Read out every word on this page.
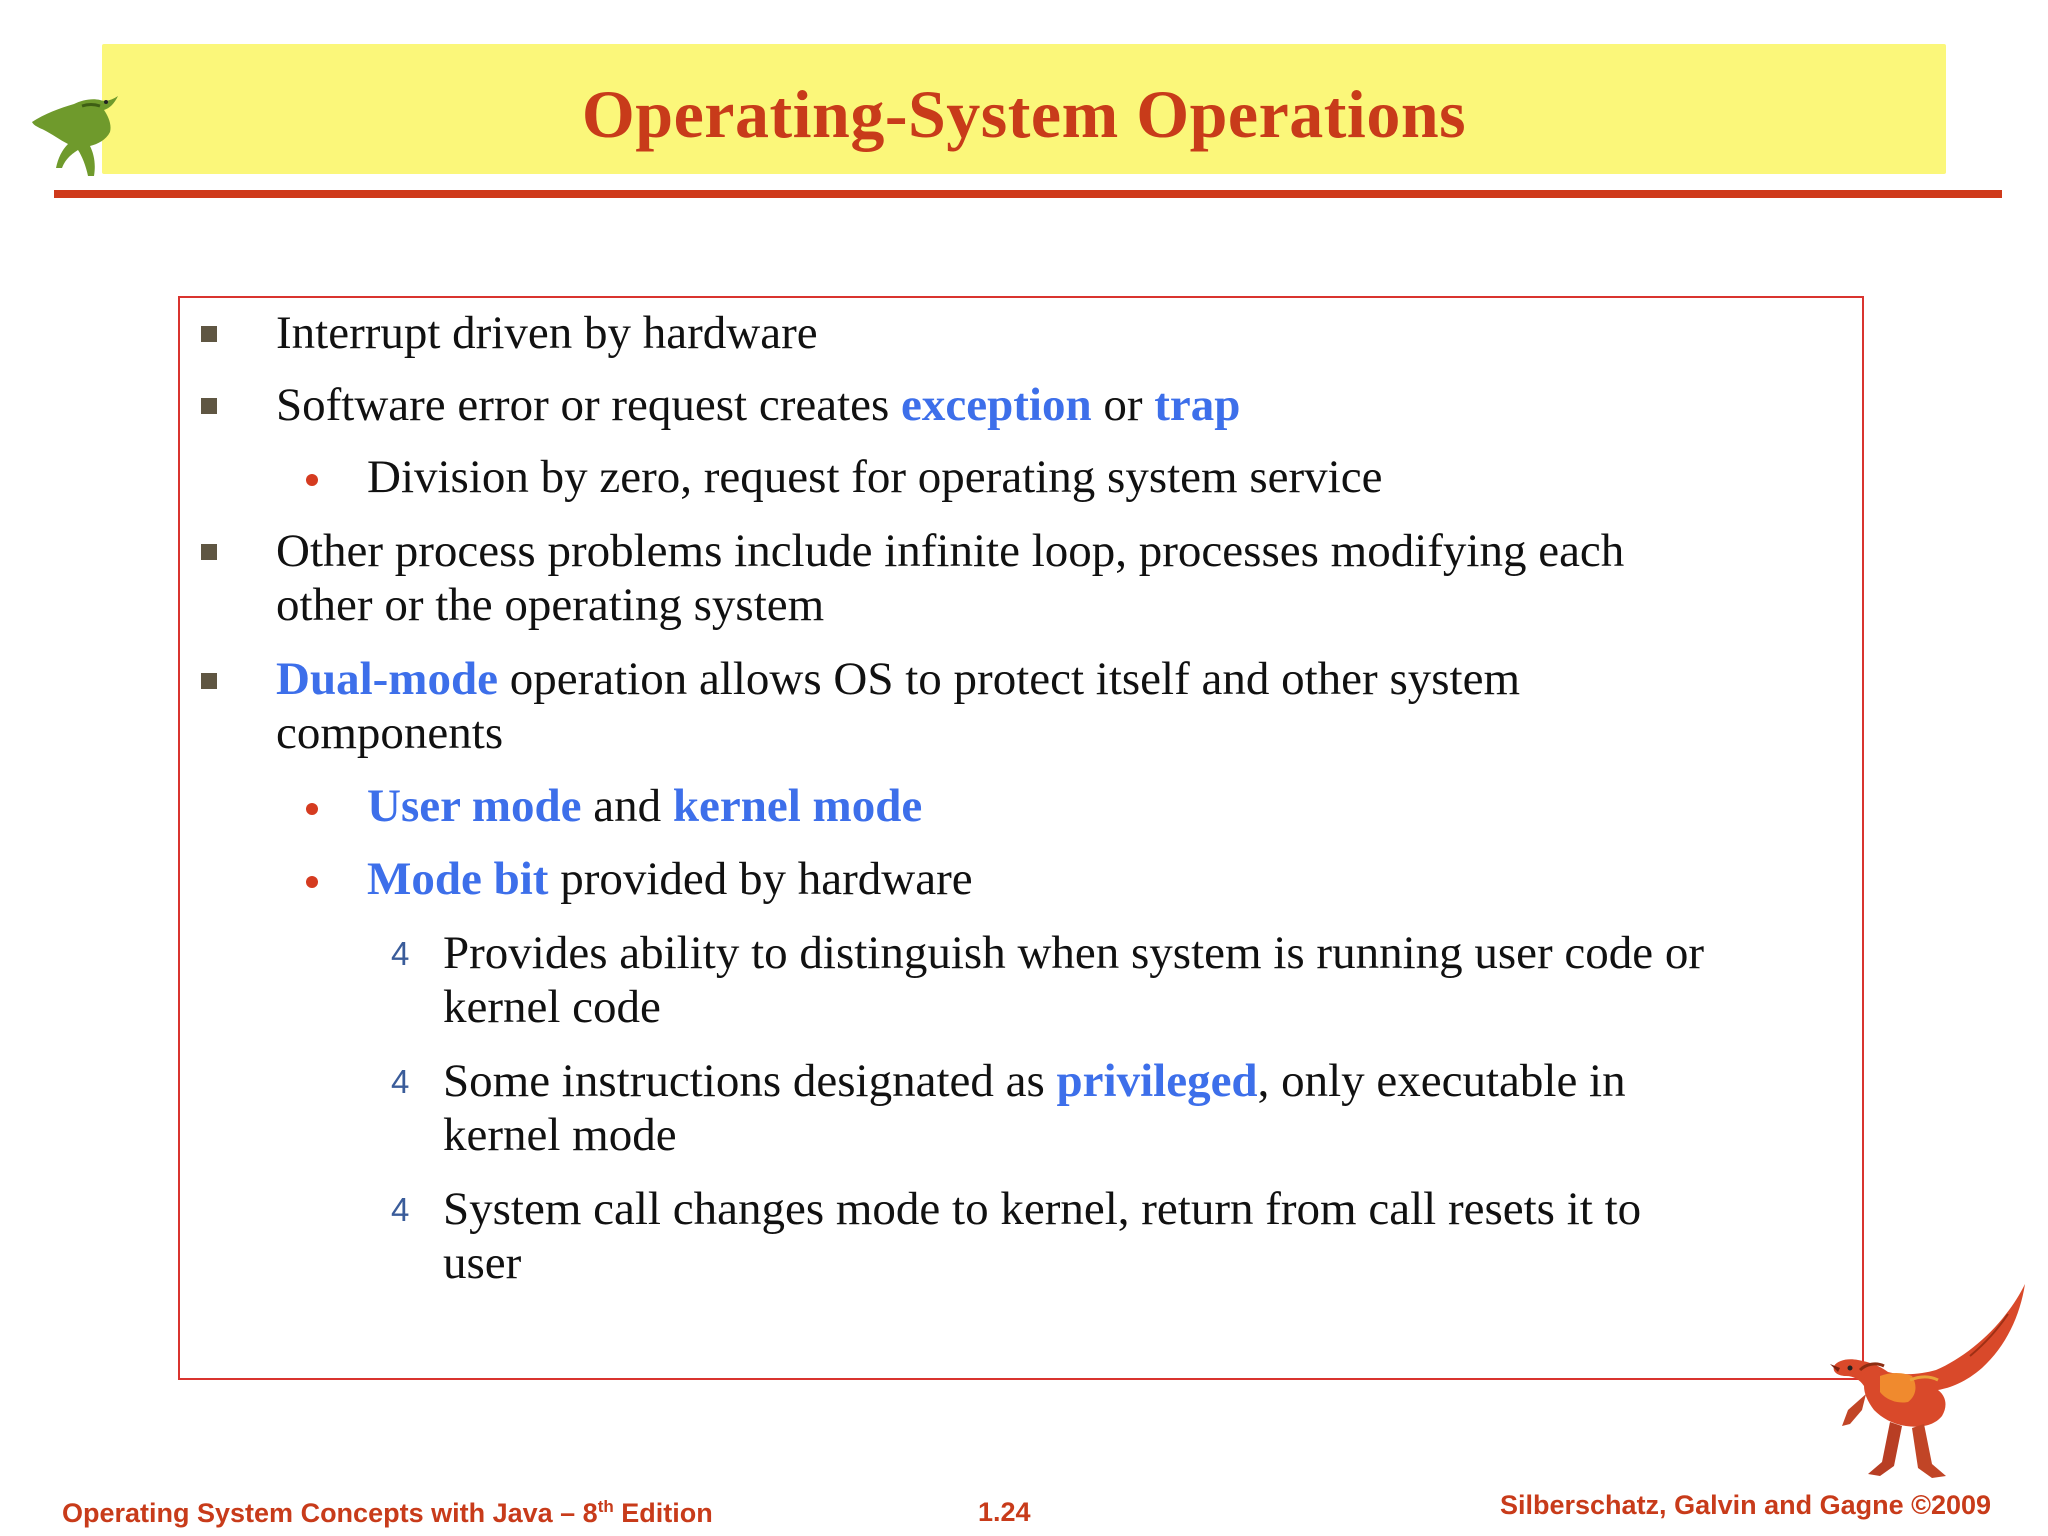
Operating-System Operations
Interrupt driven by hardware
Software error or request creates exception or trap
Division by zero, request for operating system service
Other process problems include infinite loop, processes modifying each
other or the operating system
Dual-mode operation allows OS to protect itself and other system
components
User mode and kernel mode
Mode bit provided by hardware
4 Provides ability to distinguish when system is running user code or
kernel code
4 Some instructions designated as privileged, only executable in
kernel mode
4 System call changes mode to kernel, return from call resets it to
user
Operating System Concepts with Java – 8th Edition	1.24	Silberschatz, Galvin and Gagne ©2009
